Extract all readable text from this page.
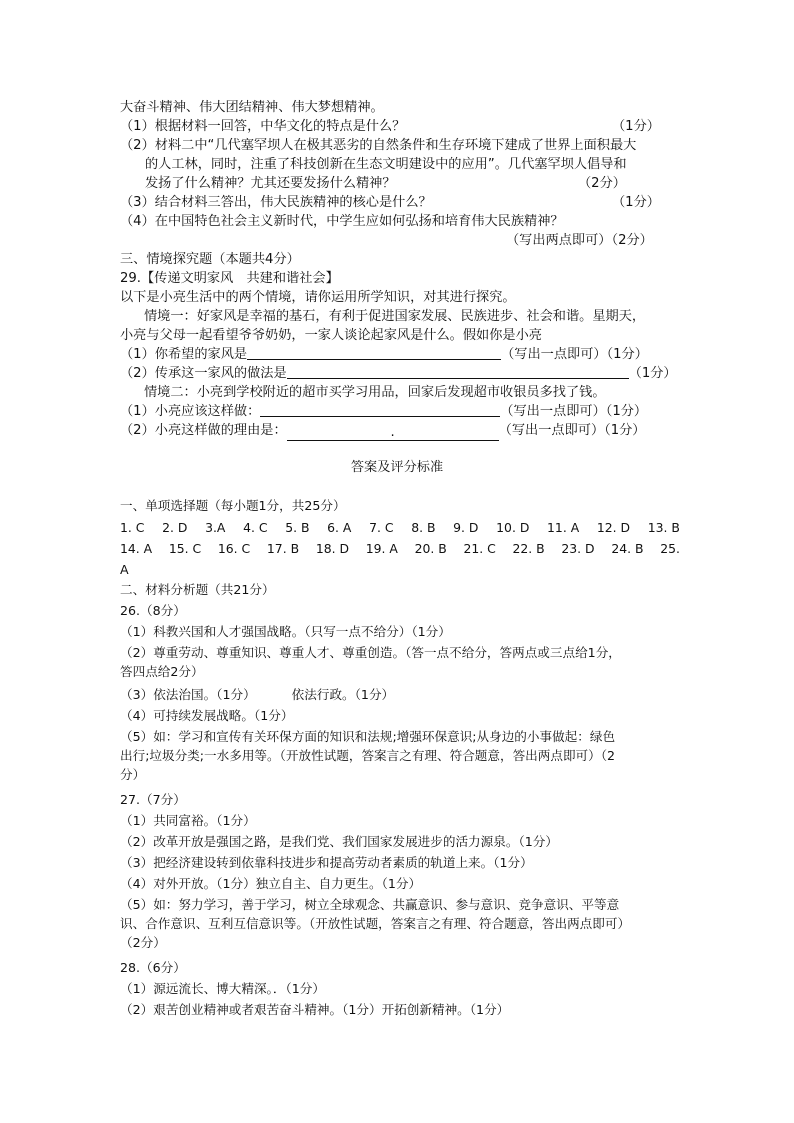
大奋斗精神、伟大团结精神、伟大梦想精神。
（1）根据材料一回答，中华文化的特点是什么？	（1分）
（2）材料二中“几代塞罕坝人在极其恶劣的自然条件和生存环境下建成了世界上面积最大
的人工林，同时，注重了科技创新在生态文明建设中的应用”。几代塞罕坝人倡导和
发扬了什么精神？尤其还要发扬什么精神？	（2分）
（3）结合材料三答出，伟大民族精神的核心是什么？	（1分）
（4）在中国特色社会主义新时代，中学生应如何弘扬和培育伟大民族精神？
（写出两点即可）（2分）
三、情境探究题（本题共4分）
29.【传递文明家风　共建和谐社会】
以下是小亮生活中的两个情境，请你运用所学知识，对其进行探究。
情境一：好家风是幸福的基石，有利于促进国家发展、民族进步、社会和谐。星期天，
小亮与父母一起看望爷爷奶奶，一家人谈论起家风是什么。假如你是小亮
（1）你希望的家风是	（写出一点即可）（1分）
（2）传承这一家风的做法是	（1分）
情境二：小亮到学校附近的超市买学习用品，回家后发现超市收银员多找了钱。
（1）小亮应该这样做：	（写出一点即可）（1分）
（2）小亮这样做的理由是：	.	（写出一点即可）（1分）
答案及评分标准
一、单项选择题（每小题1分，共25分）
1. C 2. D 3.A 4. C 5. B 6. A 7. C 8. B 9. D 10. D 11. A 12. D 13. B
14. A 15. C 16. C 17. B 18. D 19. A 20. B 21. C 22. B 23. D 24. B 25.
A
二、材料分析题（共21分）
26.（8分）
（1）科教兴国和人才强国战略。（只写一点不给分）（1分）
（2）尊重劳动、尊重知识、尊重人才、尊重创造。（答一点不给分，答两点或三点给1分，
答四点给2分）
（3）依法治国。（1分）	依法行政。（1分）
（4）可持续发展战略。（1分）
（5）如：学习和宣传有关环保方面的知识和法规;增强环保意识;从身边的小事做起：绿色
出行;垃圾分类;一水多用等。（开放性试题，答案言之有理、符合题意，答出两点即可）（2
分）
27.（7分）
（1）共同富裕。（1分）
（2）改革开放是强国之路，是我们党、我们国家发展进步的活力源泉。（1分）
（3）把经济建设转到依靠科技进步和提高劳动者素质的轨道上来。（1分）
（4）对外开放。（1分）独立自主、自力更生。（1分）
（5）如：努力学习，善于学习，树立全球观念、共赢意识、参与意识、竞争意识、平等意
识、合作意识、互利互信意识等。（开放性试题，答案言之有理、符合题意，答出两点即可）
（2分）
28.（6分）
（1）源远流长、博大精深。．（1分）
（2）艰苦创业精神或者艰苦奋斗精神。（1分）开拓创新精神。（1分）
